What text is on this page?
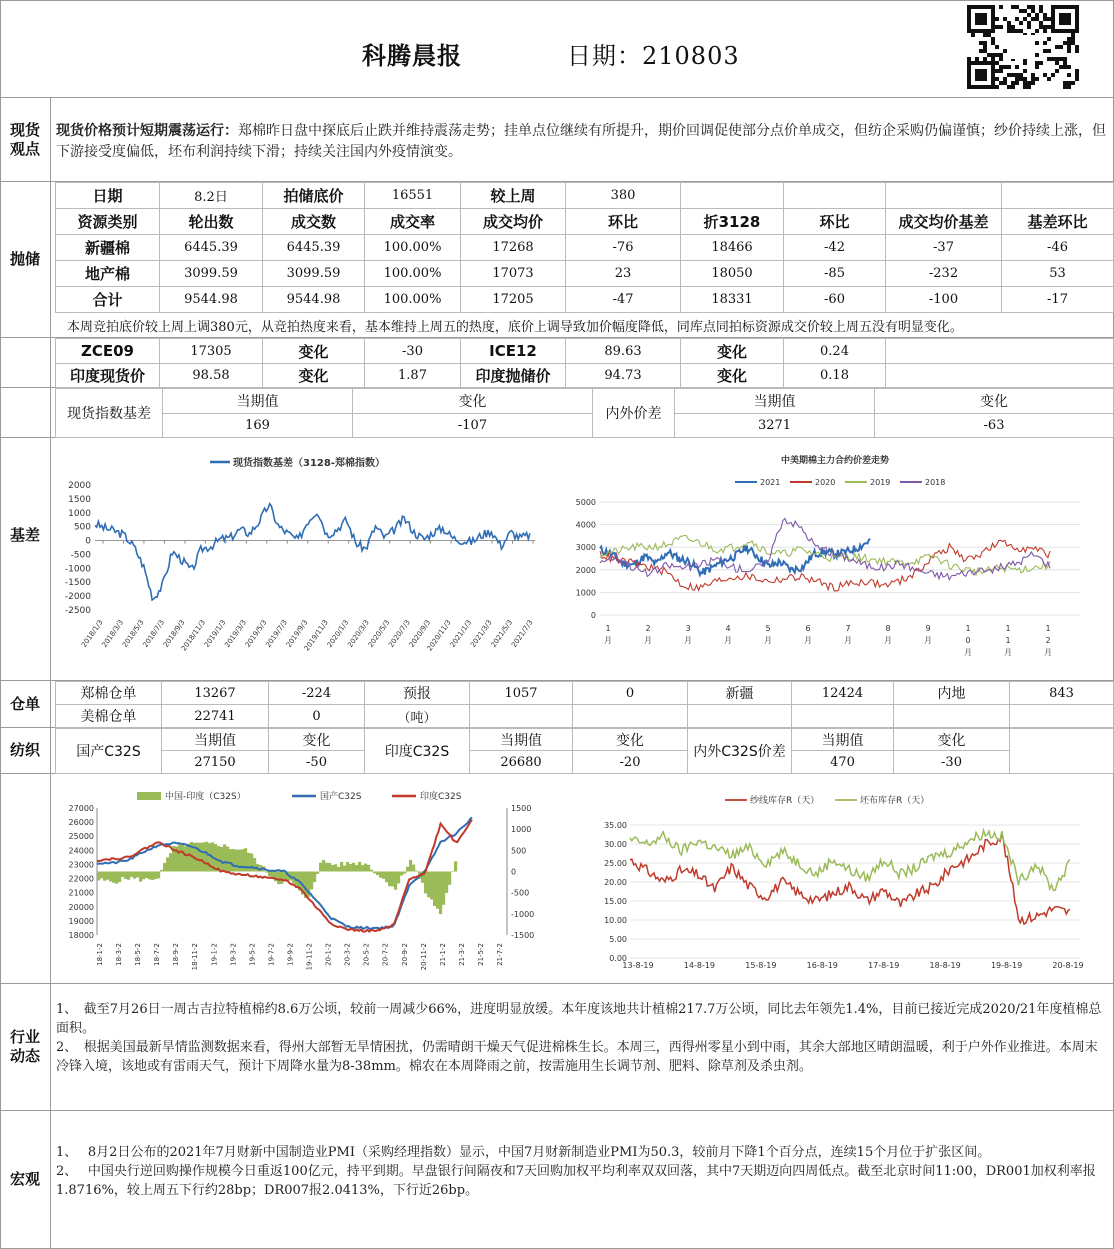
科腾晨报	日期：210803
现货
观点
抛储
基差
仓单
纺织
行业
动态
宏观
现货价格预计短期震荡运行：郑棉昨日盘中探底后止跌并维持震荡走势；挂单点位继续有所提升，期价回调促使部分点价单成交，但纺企采购仍偏谨慎；纱价持续上涨，但下游接受度偏低，坯布利润持续下滑；持续关注国内外疫情演变。
日期	8.2日	拍储底价	16551	较上周	380				
资源类别	轮出数	成交数	成交率	成交均价	环比	折3128	环比	成交均价基差	基差环比
新疆棉	6445.39	6445.39	100.00%	17268	-76	18466	-42	-37	-46
地产棉	3099.59	3099.59	100.00%	17073	23	18050	-85	-232	53
合计	9544.98	9544.98	100.00%	17205	-47	18331	-60	-100	-17
本周竞拍底价较上周上调380元，从竞拍热度来看，基本维持上周五的热度，底价上调导致加价幅度降低，同库点同拍标资源成交价较上周五没有明显变化。
ZCE09	17305	变化	-30	ICE12	89.63	变化	0.24	
印度现货价	98.58	变化	1.87	印度抛储价	94.73	变化	0.18	
现货指数基差	当期值	变化	内外价差	当期值	变化
	169	-107		3271	-63
现货指数基差（3128-郑棉指数）
2000
1500
1000
500
0
-500
-1000
-1500
-2000
-2500
2018/1/3
2018/3/3
2018/5/3
2018/7/3
2018/9/3
2018/11/3
2019/1/3
2019/3/3
2019/5/3
2019/7/3
2019/9/3
2019/11/3
2020/1/3
2020/3/3
2020/5/3
2020/7/3
2020/9/3
2020/11/3
2021/1/3
2021/3/3
2021/5/3
2021/7/3
中美期棉主力合约价差走势
2021	2020	2019	2018
5000
4000
3000
2000
1000
0
1
月
2
月
3
月
4
月
5
月
6
月
7
月
8
月
9
月
1
0
月
1
1
月
1
2
月
中国-印度（C32S）	国产C32S	印度C32S
27000
26000
25000
24000
23000
22000
21000
20000
19000
18000
1500
1000
500
0
-500
-1000
-1500
18-1-2 18-3-2 18-5-2 18-7-2 18-9-2 18-11-2 19-1-2 19-3-2 19-5-2 19-7-2 19-9-2 19-11-2 20-1-2 20-3-2 20-5-2 20-7-2 20-9-2 20-11-2 21-1-2 21-3-2 21-5-2 21-7-2
纱线库存R（天）	坯布库存R（天）
35.00
30.00
25.00
20.00
15.00
10.00
5.00
0.00
13-8-19	14-8-19	15-8-19	16-8-19	17-8-19	18-8-19	19-8-19	20-8-19
郑棉仓单	13267	-224	预报	1057	0	新疆	12424	内地	843
美棉仓单	22741	0	（吨）						
国产C32S	当期值	变化	印度C32S	当期值	变化	内外C32S价差	当期值	变化	
	27150	-50		26680	-20		470	-30	

1、　截至7月26日一周古吉拉特植棉约8.6万公顷，较前一周减少66%，进度明显放缓。本年度该地共计植棉217.7万公顷，同比去年领先1.4%，目前已接近完成2020/21年度植棉总面积。

2、　根据美国最新旱情监测数据来看，得州大部暂无旱情困扰，仍需晴朗干燥天气促进棉株生长。本周三，西得州零星小到中雨，其余大部地区晴朗温暖，利于户外作业推进。本周末冷锋入境，该地或有雷雨天气，预计下周降水量为8-38mm。棉农在本周降雨之前，按需施用生长调节剂、肥料、除草剂及杀虫剂。

1、　 8月2日公布的2021年7月财新中国制造业PMI（采购经理指数）显示，中国7月财新制造业PMI为50.3，较前月下降1个百分点，连续15个月位于扩张区间。

2、　 中国央行逆回购操作规模今日重返100亿元，持平到期。早盘银行间隔夜和7天回购加权平均利率双双回落，其中7天期迈向四周低点。截至北京时间11:00，DR001加权利率报1.8716%，较上周五下行约28bp；DR007报2.0413%，下行近26bp。
